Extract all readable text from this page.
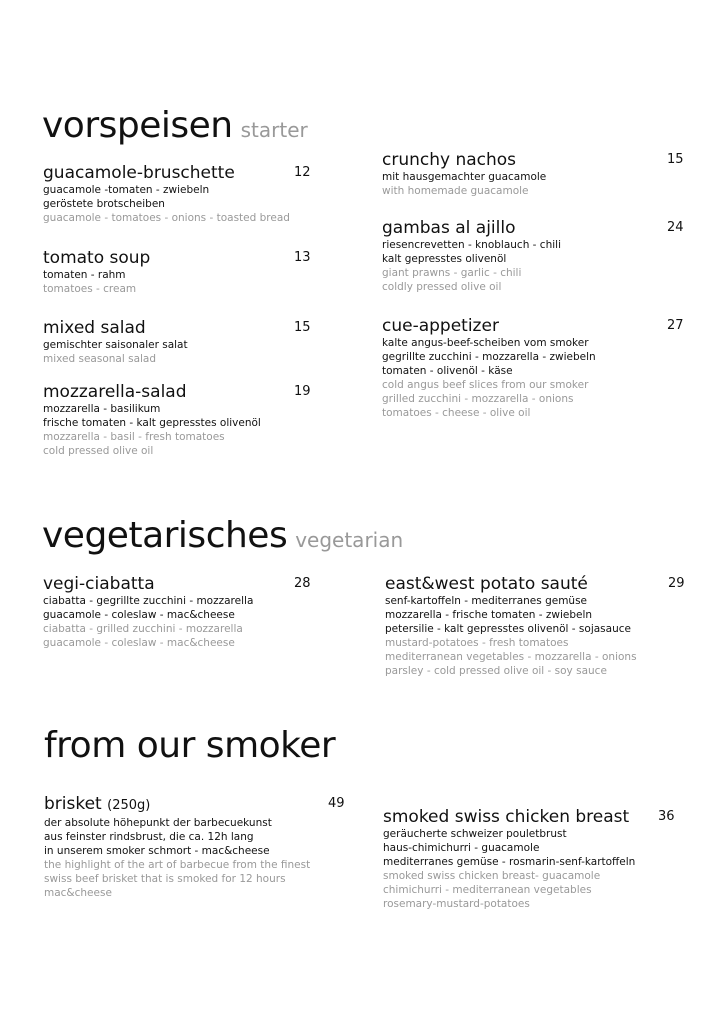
vorspeisen starter
guacamole-bruschette	12
guacamole -tomaten - zwiebeln
geröstete brotscheiben
guacamole - tomatoes - onions - toasted bread
tomato soup	13
tomaten - rahm
tomatoes - cream
mixed salad	15
gemischter saisonaler salat
mixed seasonal salad
mozzarella-salad	19
mozzarella - basilikum
frische tomaten - kalt gepresstes olivenöl
mozzarella - basil - fresh tomatoes
cold pressed olive oil
crunchy nachos	15
mit hausgemachter guacamole
with homemade guacamole
gambas al ajillo	24
riesencrevetten - knoblauch - chili
kalt gepresstes olivenöl
giant prawns - garlic - chili
coldly pressed olive oil
cue-appetizer	27
kalte angus-beef-scheiben vom smoker
gegrillte zucchini - mozzarella - zwiebeln
tomaten - olivenöl - käse
cold angus beef slices from our smoker
grilled zucchini - mozzarella - onions
tomatoes - cheese - olive oil
vegetarisches vegetarian
vegi-ciabatta	28
ciabatta - gegrillte zucchini - mozzarella
guacamole - coleslaw - mac&cheese
ciabatta - grilled zucchini - mozzarella
guacamole - coleslaw - mac&cheese
east&west potato sauté	29
senf-kartoffeln - mediterranes gemüse
mozzarella - frische tomaten - zwiebeln
petersilie - kalt gepresstes olivenöl - sojasauce
mustard-potatoes - fresh tomatoes
mediterranean vegetables - mozzarella - onions
parsley - cold pressed olive oil - soy sauce
from our smoker
brisket (250g)	49
der absolute höhepunkt der barbecuekunst
aus feinster rindsbrust, die ca. 12h lang
in unserem smoker schmort - mac&cheese
the highlight of the art of barbecue from the finest
swiss beef brisket that is smoked for 12 hours
mac&cheese
smoked swiss chicken breast	36
geräucherte schweizer pouletbrust
haus-chimichurri - guacamole
mediterranes gemüse - rosmarin-senf-kartoffeln
smoked swiss chicken breast- guacamole
chimichurri - mediterranean vegetables
rosemary-mustard-potatoes
